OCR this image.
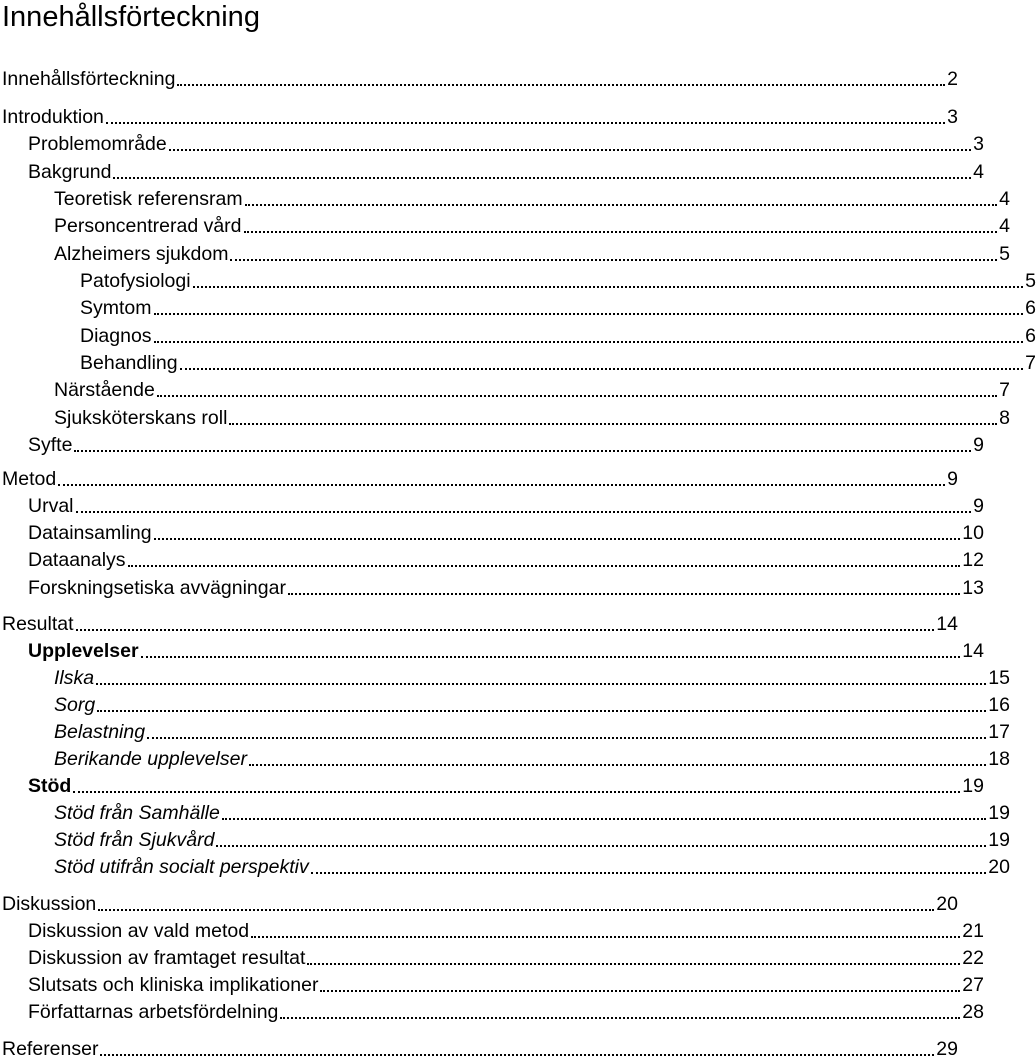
Innehållsförteckning
Innehållsförteckning	2
Introduktion	3
Problemområde	3
Bakgrund	4
Teoretisk referensram	4
Personcentrerad vård	4
Alzheimers sjukdom	5
Patofysiologi	5
Symtom	6
Diagnos	6
Behandling	7
Närstående	7
Sjuksköterskans roll	8
Syfte	9
Metod	9
Urval	9
Datainsamling	10
Dataanalys	12
Forskningsetiska avvägningar	13
Resultat	14
Upplevelser	14
Ilska	15
Sorg	16
Belastning	17
Berikande upplevelser	18
Stöd	19
Stöd från Samhälle	19
Stöd från Sjukvård	19
Stöd utifrån socialt perspektiv	20
Diskussion	20
Diskussion av vald metod	21
Diskussion av framtaget resultat	22
Slutsats och kliniska implikationer	27
Författarnas arbetsfördelning	28
Referenser	29
